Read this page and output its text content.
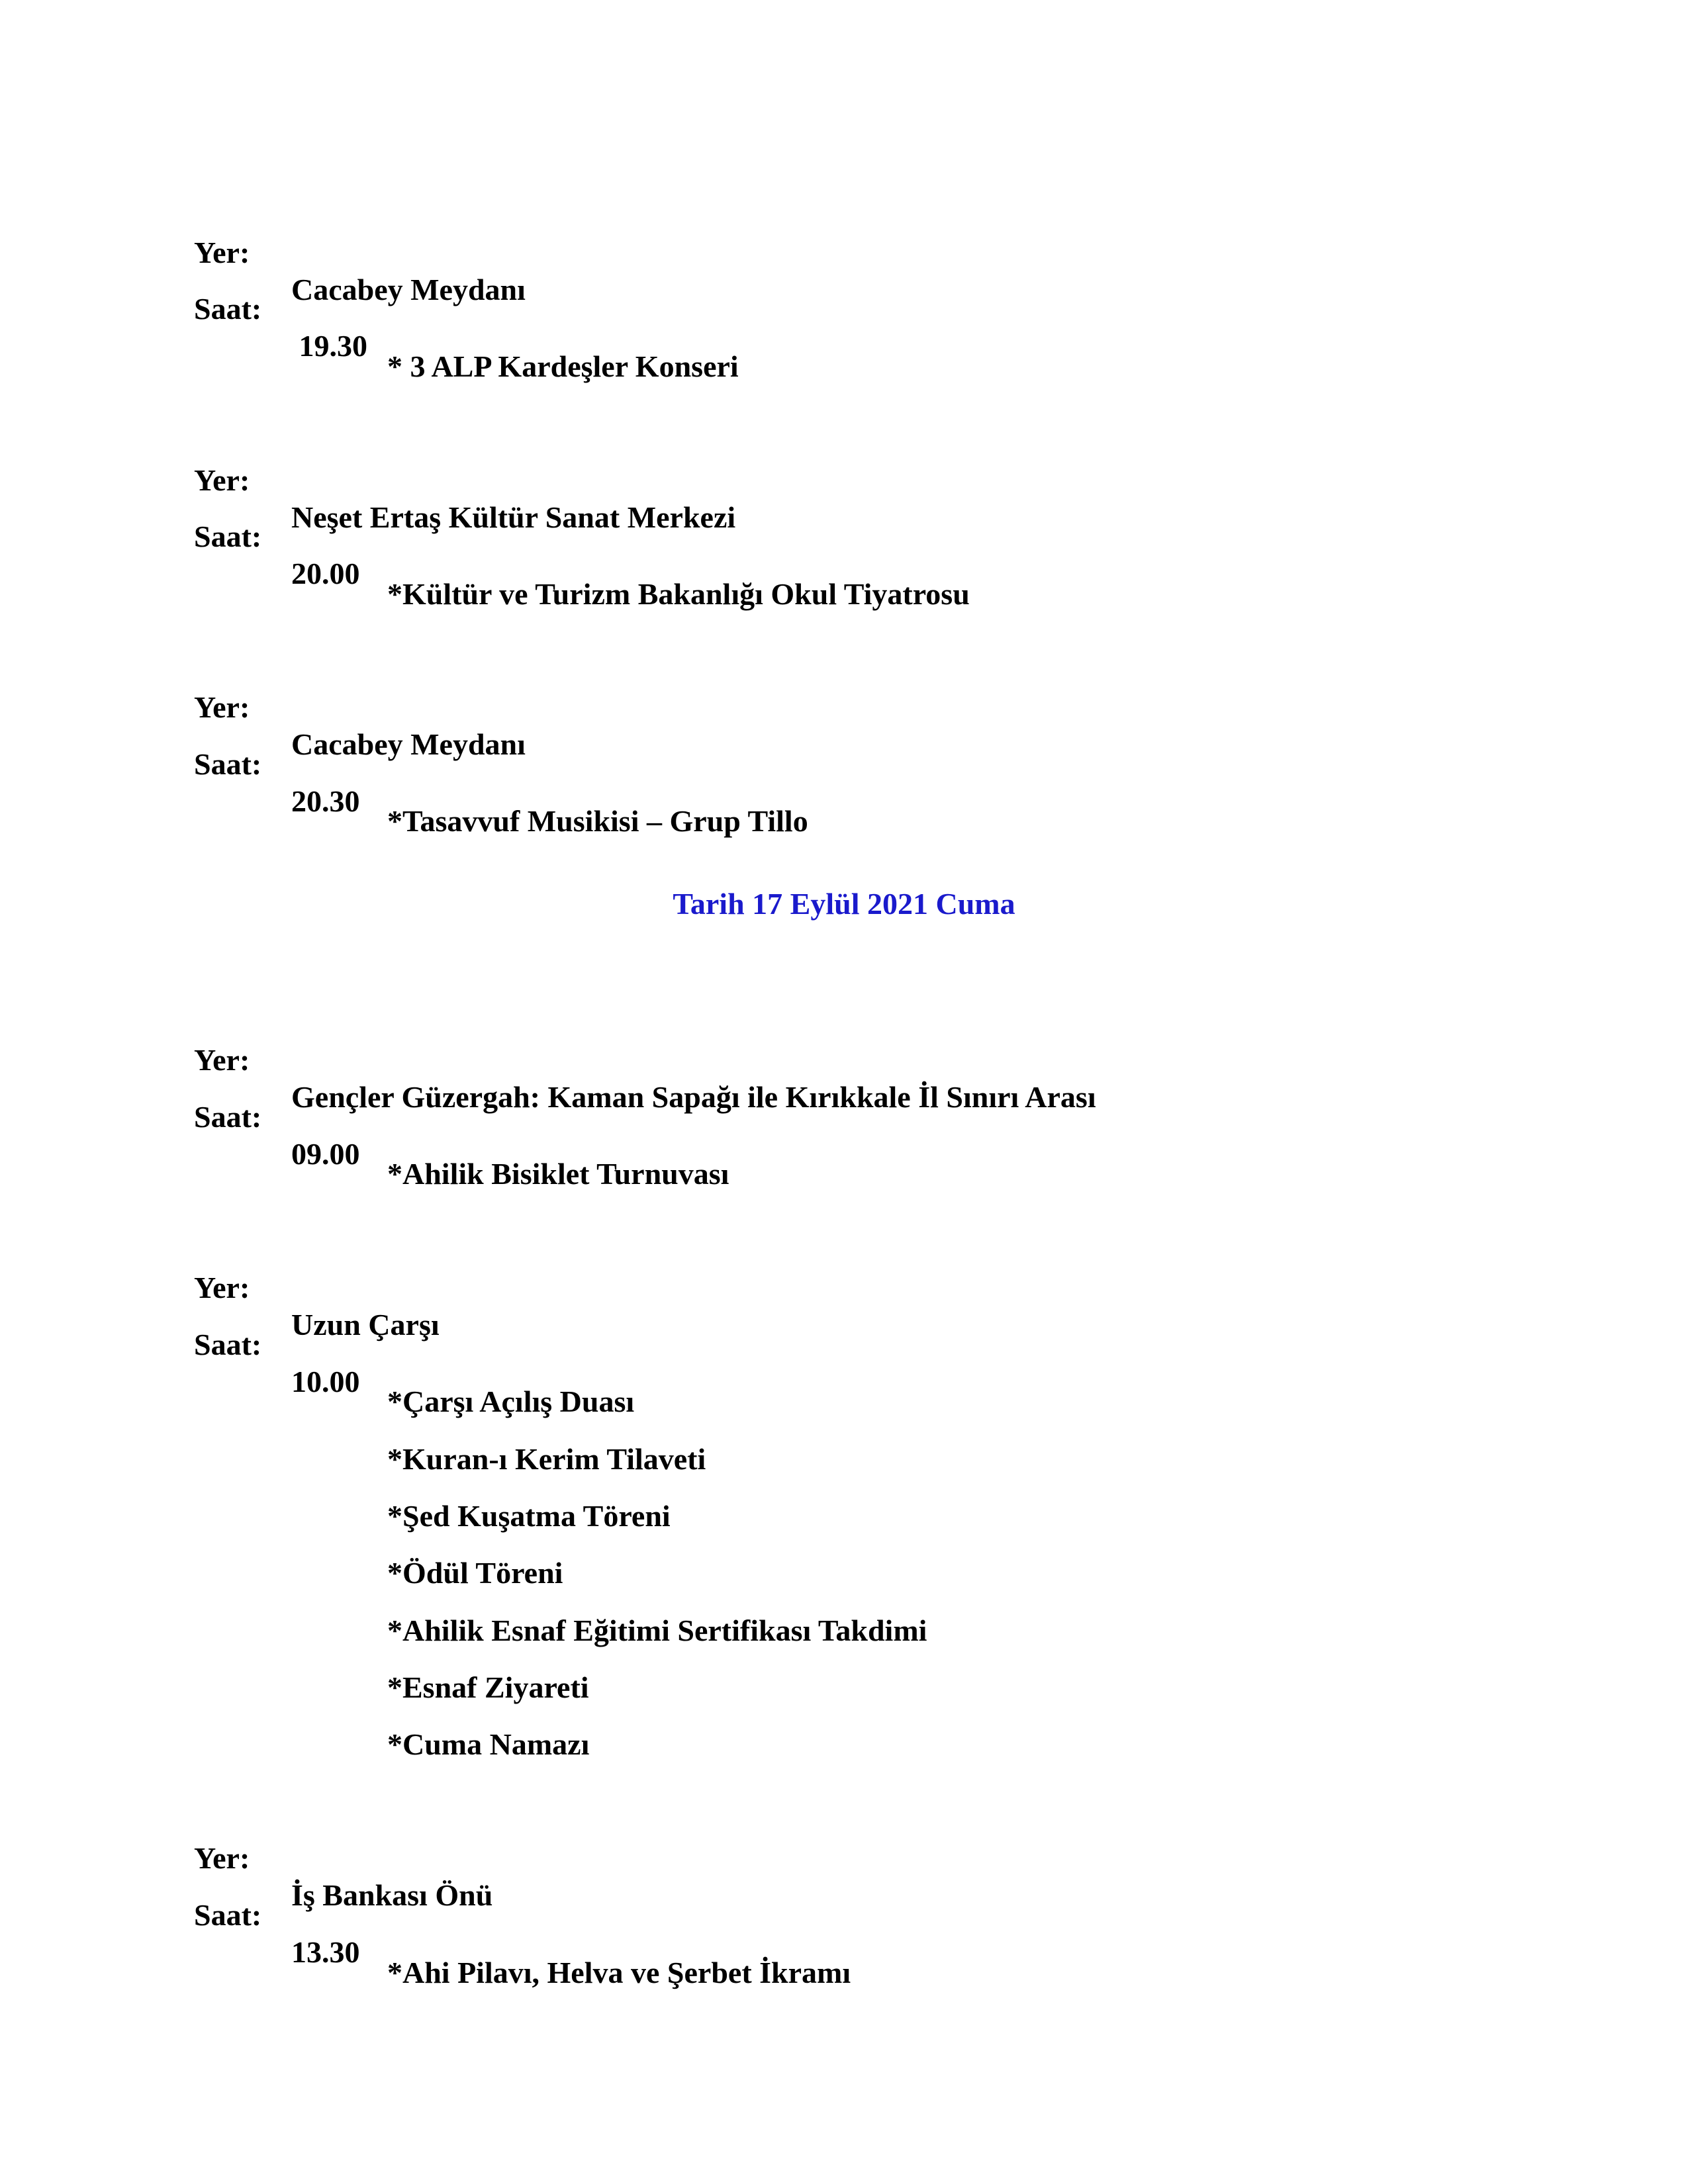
Yer:

Cacabey Meydanı

Saat:

19.30

* 3 ALP Kardeşler Konseri

Yer:

Neşet Ertaş Kültür Sanat Merkezi

Saat:

20.00

*Kültür ve Turizm Bakanlığı Okul Tiyatrosu

Yer:

Cacabey Meydanı

Saat:

20.30

*Tasavvuf Musikisi – Grup Tillo

Tarih 17 Eylül 2021 Cuma

Yer:

Gençler Güzergah: Kaman Sapağı ile Kırıkkale İl Sınırı Arası

Saat:

09.00

*Ahilik Bisiklet Turnuvası

Yer:

Uzun Çarşı

Saat:

10.00

*Çarşı Açılış Duası

*Kuran-ı Kerim Tilaveti

*Şed Kuşatma Töreni

*Ödül Töreni

*Ahilik Esnaf Eğitimi Sertifikası Takdimi

*Esnaf Ziyareti

*Cuma Namazı

Yer:

İş Bankası Önü

Saat:

13.30

*Ahi Pilavı, Helva ve Şerbet İkramı
